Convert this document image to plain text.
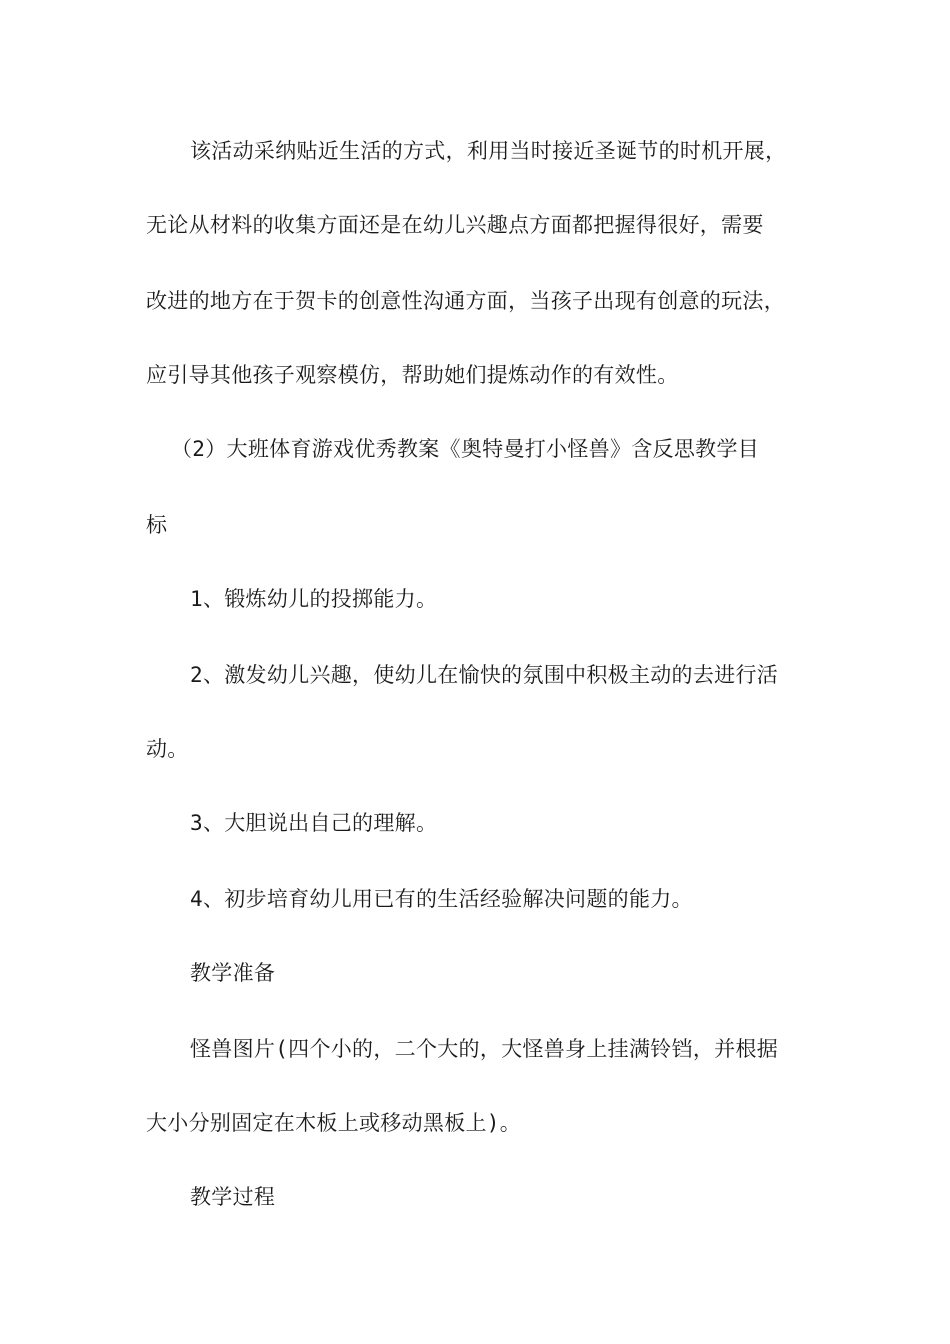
该活动采纳贴近生活的方式，利用当时接近圣诞节的时机开展，

无论从材料的收集方面还是在幼儿兴趣点方面都把握得很好，需要

改进的地方在于贺卡的创意性沟通方面，当孩子出现有创意的玩法，

应引导其他孩子观察模仿，帮助她们提炼动作的有效性。

（2）大班体育游戏优秀教案《奥特曼打小怪兽》含反思教学目

标

1、锻炼幼儿的投掷能力。

2、激发幼儿兴趣，使幼儿在愉快的氛围中积极主动的去进行活

动。

3、大胆说出自己的理解。

4、初步培育幼儿用已有的生活经验解决问题的能力。

教学准备

怪兽图片(四个小的，二个大的，大怪兽身上挂满铃铛，并根据

大小分别固定在木板上或移动黑板上)。

教学过程
